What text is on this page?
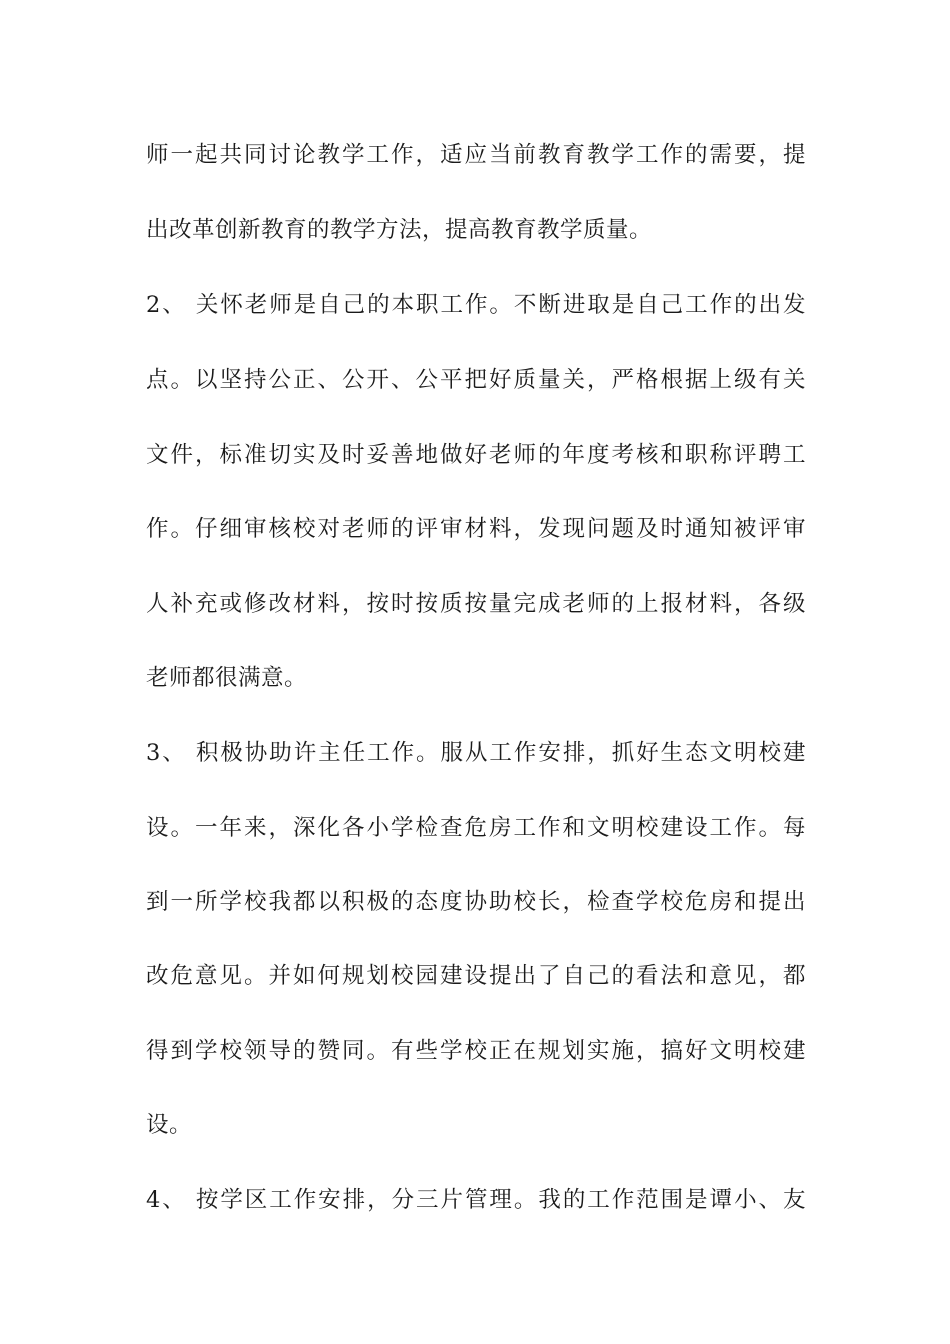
师一起共同讨论教学工作，适应当前教育教学工作的需要，提
出改革创新教育的教学方法，提高教育教学质量。
2、 关怀老师是自己的本职工作。不断进取是自己工作的出发
点。以坚持公正、公开、公平把好质量关，严格根据上级有关
文件，标准切实及时妥善地做好老师的年度考核和职称评聘工
作。仔细审核校对老师的评审材料，发现问题及时通知被评审
人补充或修改材料，按时按质按量完成老师的上报材料，各级
老师都很满意。
3、 积极协助许主任工作。服从工作安排，抓好生态文明校建
设。一年来，深化各小学检查危房工作和文明校建设工作。每
到一所学校我都以积极的态度协助校长，检查学校危房和提出
改危意见。并如何规划校园建设提出了自己的看法和意见，都
得到学校领导的赞同。有些学校正在规划实施，搞好文明校建
设。
4、 按学区工作安排，分三片管理。我的工作范围是谭小、友
